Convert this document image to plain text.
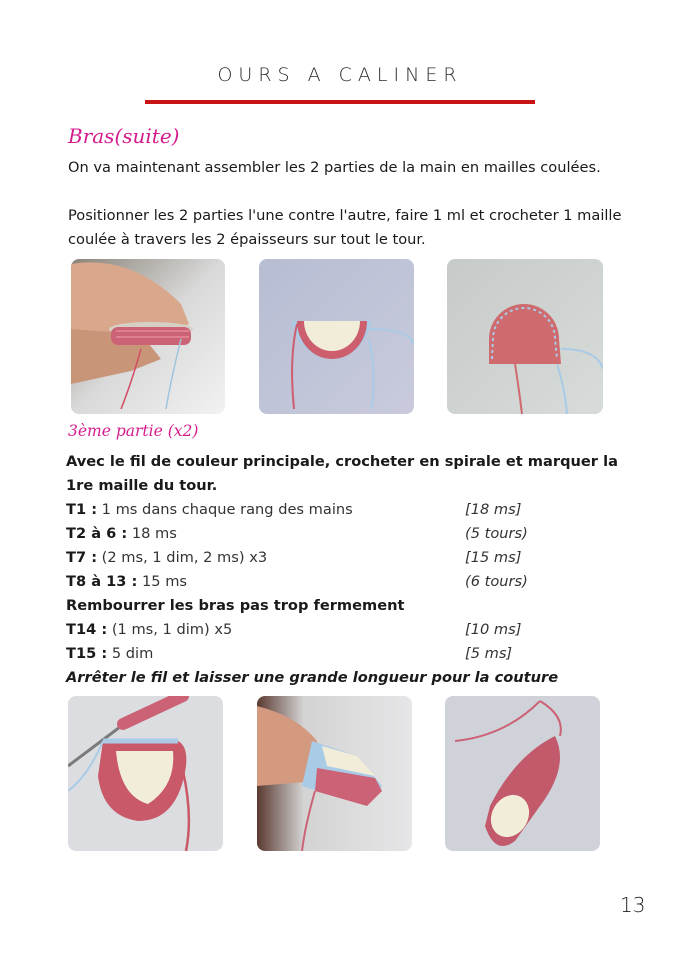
OURS A CALINER
Bras(suite)
On va maintenant assembler les 2 parties de la main en mailles coulées.
Positionner les 2 parties l'une contre l'autre, faire 1 ml et crocheter 1 maille coulée à travers les 2 épaisseurs sur tout le tour.
3ème partie (x2)
Avec le fil de couleur principale, crocheter en spirale et marquer la 1re maille du tour.
T1 : 1 ms dans chaque rang des mains	[18 ms]
T2 à 6 : 18 ms	(5 tours)
T7 : (2 ms, 1 dim, 2 ms) x3	[15 ms]
T8 à 13 : 15 ms	(6 tours)
Rembourrer les bras pas trop fermement
T14 : (1 ms, 1 dim) x5	[10 ms]
T15 : 5 dim	[5 ms]
Arrêter le fil et laisser une grande longueur pour la couture
13
